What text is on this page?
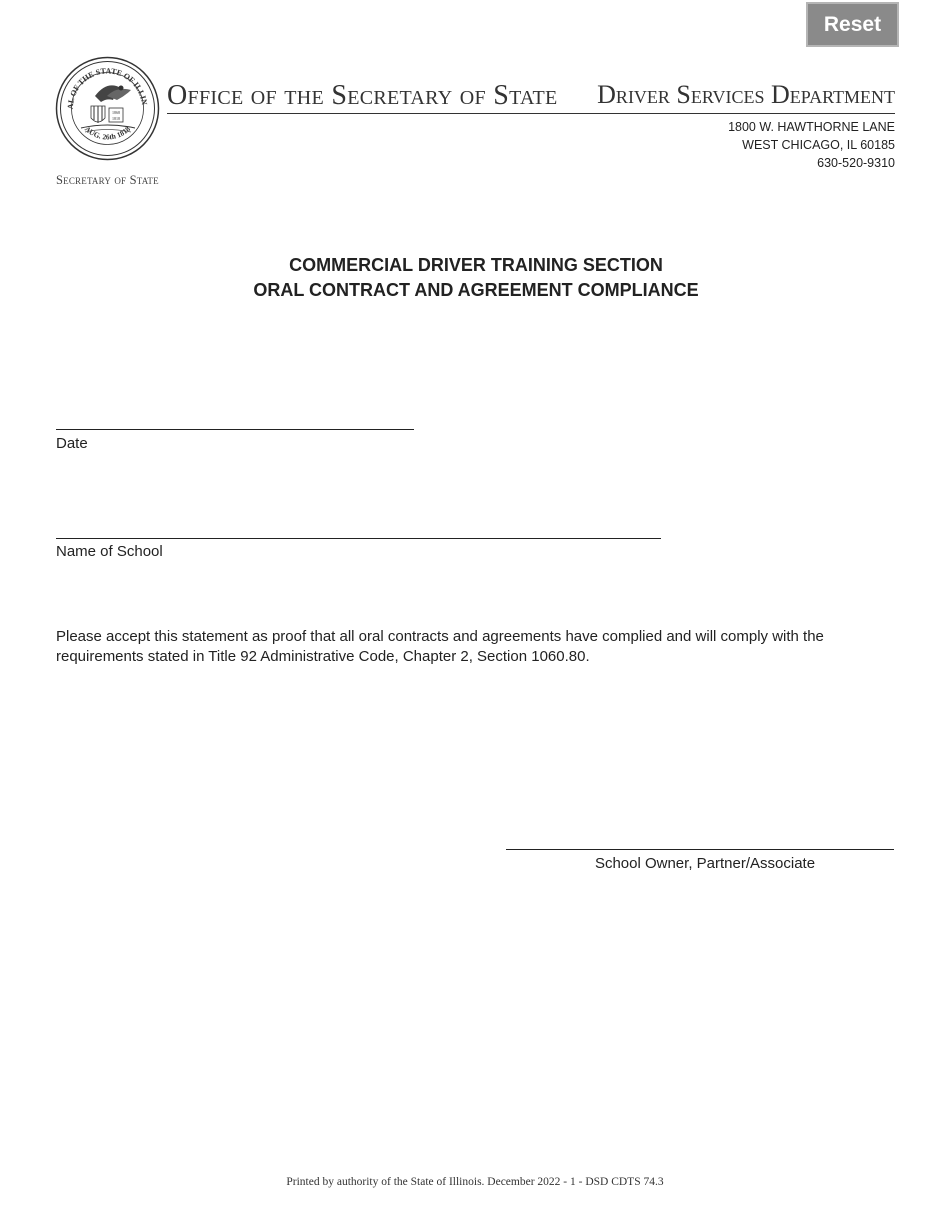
Reset
AL OF THE STATE OF ILLIN
AUG. 26th 1818
1868
1818
Secretary of State
Office of the Secretary of State Driver Services Department
1800 W. HAWTHORNE LANE
WEST CHICAGO, IL 60185
630-520-9310
COMMERCIAL DRIVER TRAINING SECTION
ORAL CONTRACT AND AGREEMENT COMPLIANCE
Date
Name of School
Please accept this statement as proof that all oral contracts and agreements have complied and will comply with the requirements stated in Title 92 Administrative Code, Chapter 2, Section 1060.80.
School Owner, Partner/Associate
Printed by authority of the State of Illinois. December 2022 - 1 - DSD CDTS 74.3
